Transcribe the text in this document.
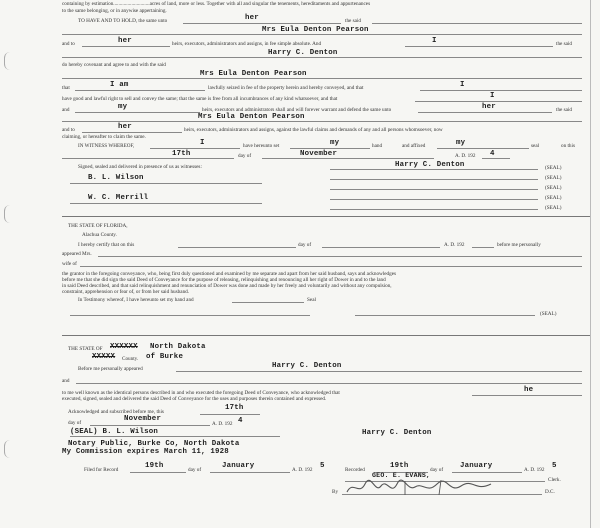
containing by estimation............................acres of land, more or less. Together with all and singular the tenements, hereditaments and appurtenances
to the same belonging, or in anywise appertaining.
TO HAVE AND TO HOLD, the same unto	her	the said
Mrs Eula Denton Pearson
and to	her	heirs, executors, administrators and assigns, in fee simple absolute. And	I	the said
Harry C. Denton
do hereby covenant and agree to and with the said
Mrs Eula Denton Pearson
that	I am	lawfully seized in fee of the property herein and hereby conveyed, and that	I
have good and lawful right to sell and convey the same; that the same is free from all incumbrances of any kind whatsoever, and that	I
and	my	heirs, executors and administrators shall and will forever warrant and defend the same unto	her	the said
Mrs Eula Denton Pearson
and to	her	heirs, executors, administrators and assigns, against the lawful claims and demands of any and all persons whomsoever, now
claiming, or hereafter to claim the same.
IN WITNESS WHEREOF,	I	have hereunto set	my	hand	and affixed	my	seal	on this
17th	day of	November	A. D. 192 4
Signed, sealed and delivered in presence of us as witnesses:	Harry C. Denton	(SEAL)
B. L. Wilson	(SEAL)
(SEAL)
W. C. Merrill	(SEAL)
(SEAL)
THE STATE OF FLORIDA,
Alachua County.
I hereby certify that on this	day of	A. D. 192	before me personally
appeared Mrs.
wife of
the grantor in the foregoing conveyance, who, being first duly questioned and examined by me separate and apart from her said husband, says and acknowledges
before me that she did sign the said Deed of Conveyance for the purpose of releasing, relinquishing and renouncing all her right of Dower in and to the land
in said Deed described, and that said relinquishment and renunciation of Dower was done and made by her freely and voluntarily and without any compulsion,
constraint, apprehension or fear of, or from her said husband.
In Testimony whereof, I have hereunto set my hand and	Seal
(SEAL)
THE STATE OF XXXXXX North Dakota
XXXXX County. of Burke
Before me personally appeared	Harry C. Denton
and
to me well known as the identical persons described in and who executed the foregoing Deed of Conveyance, who acknowledged that	he
executed, signed, sealed and delivered the said Deed of Conveyance for the uses and purposes therein contained and expressed.
Acknowledged and subscribed before me, this	17th
day of	November
A. D. 192 4
(SEAL) B. L. Wilson	Harry C. Denton
Notary Public, Burke Co, North Dakota
My Commission expires March 11, 1928
Filed for Record	19th	day of	January	A. D. 192 5	Recorded	19th	day of January	A. D. 192 5
GEO. E. EVANS,
Clerk.
By	D.C.
